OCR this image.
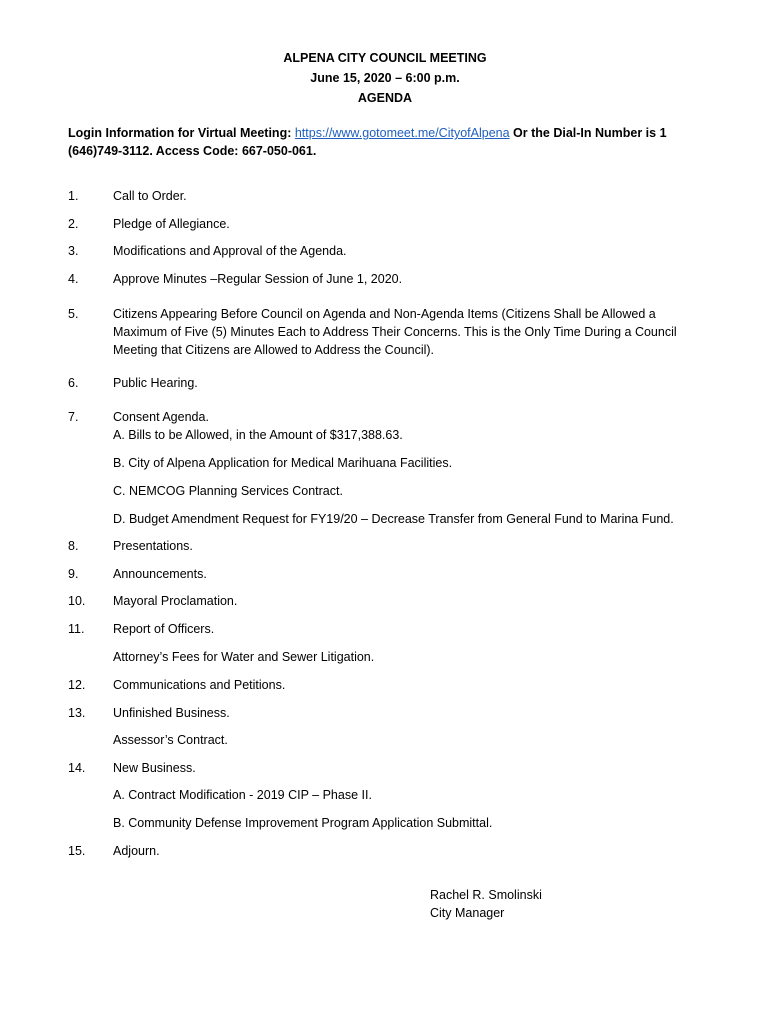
ALPENA CITY COUNCIL MEETING
June 15, 2020 – 6:00 p.m.
AGENDA
Login Information for Virtual Meeting: https://www.gotomeet.me/CityofAlpena Or the Dial-In Number is 1 (646)749-3112. Access Code: 667-050-061.
1.	Call to Order.
2.	Pledge of Allegiance.
3.	Modifications and Approval of the Agenda.
4.	Approve Minutes –Regular Session of June 1, 2020.
5.	Citizens Appearing Before Council on Agenda and Non-Agenda Items (Citizens Shall be Allowed a Maximum of Five (5) Minutes Each to Address Their Concerns. This is the Only Time During a Council Meeting that Citizens are Allowed to Address the Council).
6.	Public Hearing.
7.	Consent Agenda.
A. Bills to be Allowed, in the Amount of $317,388.63.
B. City of Alpena Application for Medical Marihuana Facilities.
C. NEMCOG Planning Services Contract.
D. Budget Amendment Request for FY19/20 – Decrease Transfer from General Fund to Marina Fund.
8.	Presentations.
9.	Announcements.
10.	Mayoral Proclamation.
11.	Report of Officers.
Attorney’s Fees for Water and Sewer Litigation.
12.	Communications and Petitions.
13.	Unfinished Business.
Assessor’s Contract.
14.	New Business.
A. Contract Modification - 2019 CIP – Phase II.
B. Community Defense Improvement Program Application Submittal.
15.	Adjourn.
Rachel R. Smolinski
City Manager
